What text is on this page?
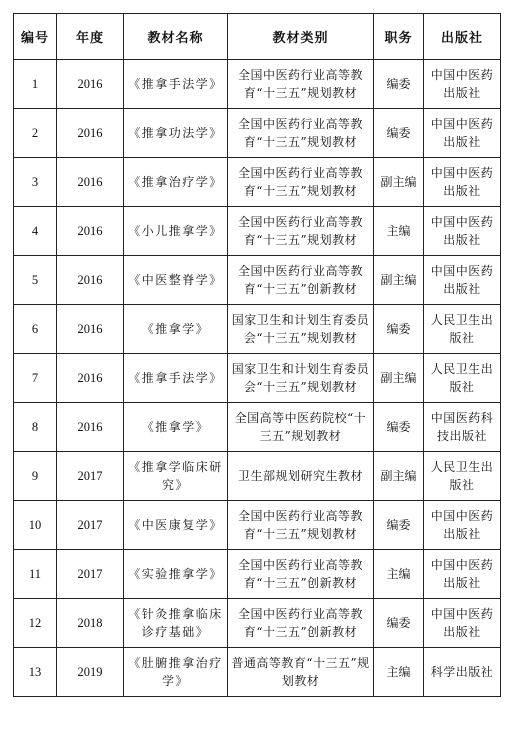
编号	年度	教材名称	教材类别	职务	出版社
1	2016	《推拿手法学》	全国中医药行业高等教育“十三五”规划教材	编委	中国中医药出版社
2	2016	《推拿功法学》	全国中医药行业高等教育“十三五”规划教材	编委	中国中医药出版社
3	2016	《推拿治疗学》	全国中医药行业高等教育“十三五”规划教材	副主编	中国中医药出版社
4	2016	《小儿推拿学》	全国中医药行业高等教育“十三五”规划教材	主编	中国中医药出版社
5	2016	《中医整脊学》	全国中医药行业高等教育“十三五”创新教材	副主编	中国中医药出版社
6	2016	《推拿学》	国家卫生和计划生育委员会“十三五”规划教材	编委	人民卫生出版社
7	2016	《推拿手法学》	国家卫生和计划生育委员会“十三五”规划教材	副主编	人民卫生出版社
8	2016	《推拿学》	全国高等中医药院校“十三五”规划教材	编委	中国医药科技出版社
9	2017	《推拿学临床研究》	卫生部规划研究生教材	副主编	人民卫生出版社
10	2017	《中医康复学》	全国中医药行业高等教育“十三五”规划教材	编委	中国中医药出版社
11	2017	《实验推拿学》	全国中医药行业高等教育“十三五”创新教材	主编	中国中医药出版社
12	2018	《针灸推拿临床诊疗基础》	全国中医药行业高等教育“十三五”创新教材	编委	中国中医药出版社
13	2019	《肚腑推拿治疗学》	普通高等教育“十三五”规划教材	主编	科学出版社
